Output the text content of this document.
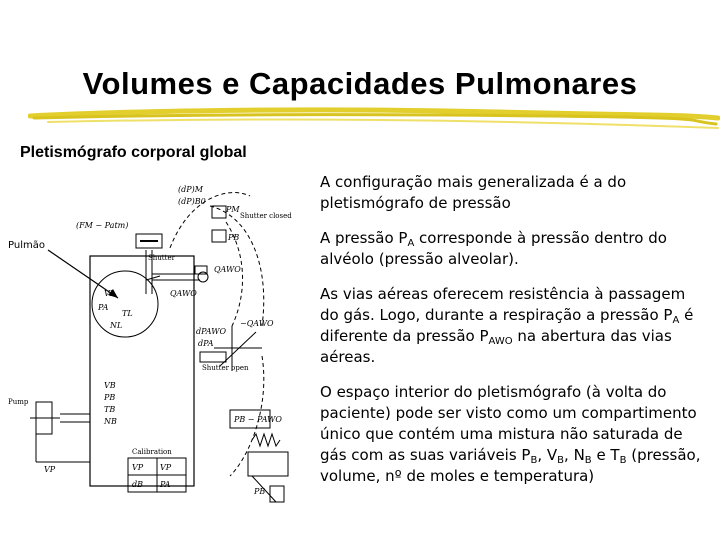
Volumes e Capacidades Pulmonares
Pletismógrafo corporal global
Pulmão
(dP)M
(dP)B0
(FM − Patm)
PM
Shutter closed
PB
Shutter
QAWO
QAWO
VL
PA
TL
NL	−QAWO
dPAWO
dPA
Shutter open
VB
PB
TB
NB
Pump
VP
PB − PAWO
Calibration
VP VP
dB PA
PB

A configuração mais generalizada é a do pletismógrafo de pressão

A pressão $P_A$ corresponde à pressão dentro do alvéolo (pressão alveolar).

As vias aéreas oferecem resistência à passagem do gás. Logo, durante a respiração a pressão $P_A$ é diferente da pressão $P_{AWO}$ na abertura das vias aéreas.

O espaço interior do pletismógrafo (à volta do paciente) pode ser visto como um compartimento único que contém uma mistura não saturada de gás com as suas variáveis $P_B$, $V_B$, $N_B$ e $T_B$ (pressão, volume, nº de moles e temperatura)
